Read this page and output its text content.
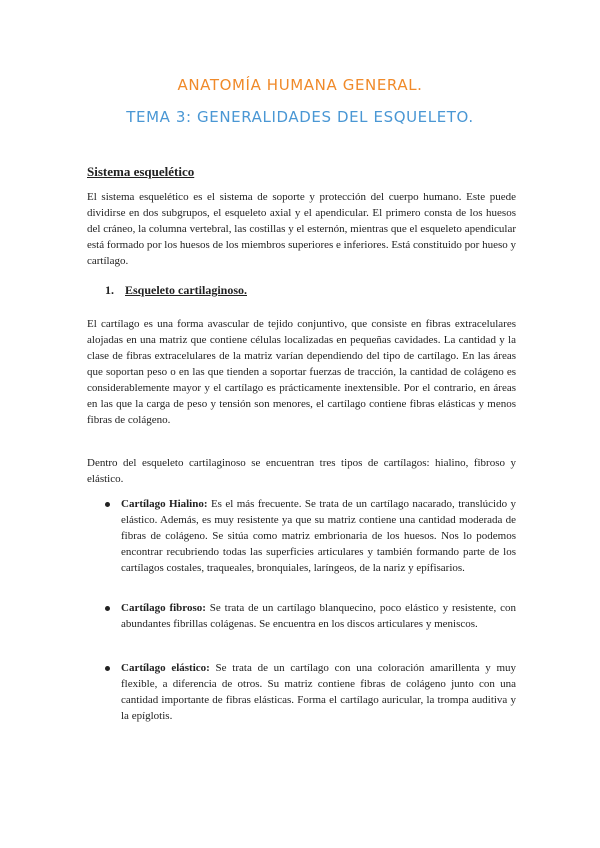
ANATOMÍA HUMANA GENERAL.
TEMA 3: GENERALIDADES DEL ESQUELETO.
Sistema esquelético

El sistema esquelético es el sistema de soporte y protección del cuerpo humano. Este puede dividirse en dos subgrupos, el esqueleto axial y el apendicular. El primero consta de los huesos del cráneo, la columna vertebral, las costillas y el esternón, mientras que el esqueleto apendicular está formado por los huesos de los miembros superiores e inferiores. Está constituido por hueso y cartílago.

1. Esqueleto cartilaginoso.

El cartílago es una forma avascular de tejido conjuntivo, que consiste en fibras extracelulares alojadas en una matriz que contiene células localizadas en pequeñas cavidades. La cantidad y la clase de fibras extracelulares de la matriz varían dependiendo del tipo de cartílago. En las áreas que soportan peso o en las que tienden a soportar fuerzas de tracción, la cantidad de colágeno es considerablemente mayor y el cartílago es prácticamente inextensible. Por el contrario, en áreas en las que la carga de peso y tensión son menores, el cartílago contiene fibras elásticas y menos fibras de colágeno.

Dentro del esqueleto cartilaginoso se encuentran tres tipos de cartílagos: hialino, fibroso y elástico.

Cartílago Hialino: Es el más frecuente. Se trata de un cartílago nacarado, translúcido y elástico. Además, es muy resistente ya que su matriz contiene una cantidad moderada de fibras de colágeno. Se sitúa como matriz embrionaria de los huesos. Nos lo podemos encontrar recubriendo todas las superficies articulares y también formando parte de los cartílagos costales, traqueales, bronquiales, laríngeos, de la nariz y epífisarios.
Cartílago fibroso: Se trata de un cartílago blanquecino, poco elástico y resistente, con abundantes fibrillas colágenas. Se encuentra en los discos articulares y meniscos.
Cartílago elástico: Se trata de un cartílago con una coloración amarillenta y muy flexible, a diferencia de otros. Su matriz contiene fibras de colágeno junto con una cantidad importante de fibras elásticas. Forma el cartílago auricular, la trompa auditiva y la epíglotis.
